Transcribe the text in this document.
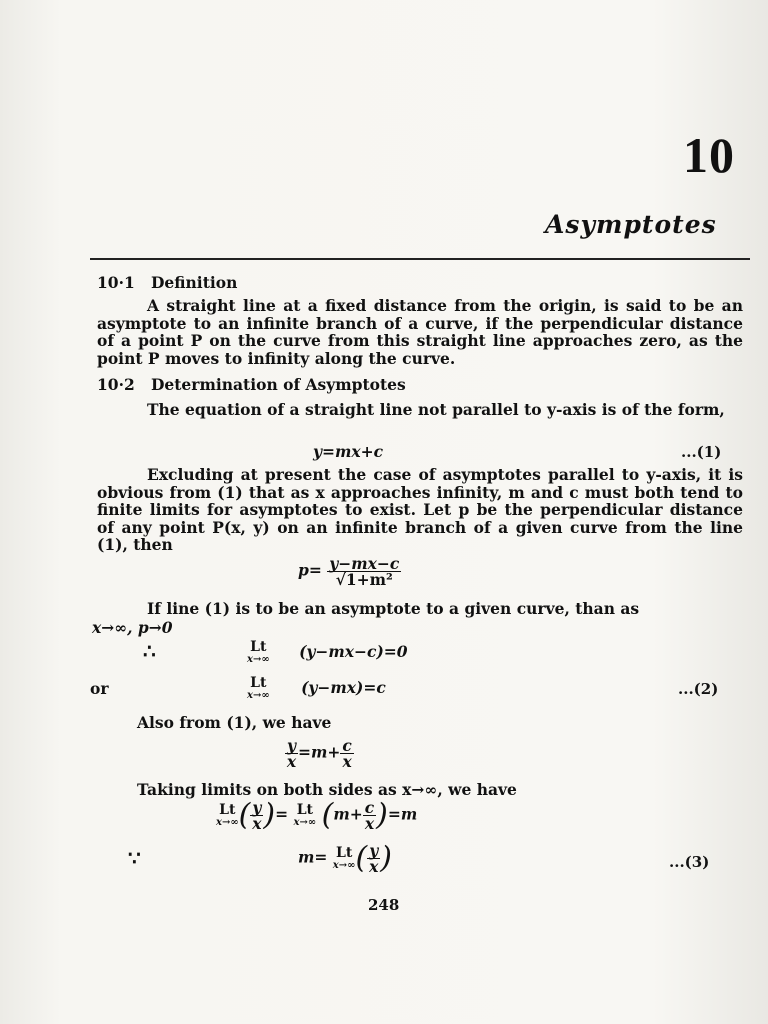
10
Asymptotes
10·1 Definition
A straight line at a fixed distance from the origin, is said to be an asymptote to an infinite branch of a curve, if the perpendicular distance of a point P on the curve from this straight line approaches zero, as the point P moves to infinity along the curve.
10·2 Determination of Asymptotes
The equation of a straight line not parallel to y-axis is of the form,
y=mx+c	...(1)
Excluding at present the case of asymptotes parallel to y-axis, it is obvious from (1) that as x approaches infinity, m and c must both tend to finite limits for asymptotes to exist. Let p be the perpendicular distance of any point P(x, y) on an infinite branch of a given curve from the line (1), then
$p= \frac{y-mx-c}{\text{√1+m²}}$
If line (1) is to be an asymptote to a given curve, than as
x→∞, p→0
∴	Lt
x→∞ (y−mx−c)=0
or	Lt
x→∞ (y−mx)=c	...(2)
Also from (1), we have
$\frac{y}{x} =m+ \frac{c}{x}$
Taking limits on both sides as x→∞, we have
Lt
x→∞ ( $\frac{y}{x}$ )= Lt
x→∞ $(m+ \frac{c}{x} )=m$
∵	m= Lt
x→∞ ( $\frac{y}{x}$ )	...(3)
248
